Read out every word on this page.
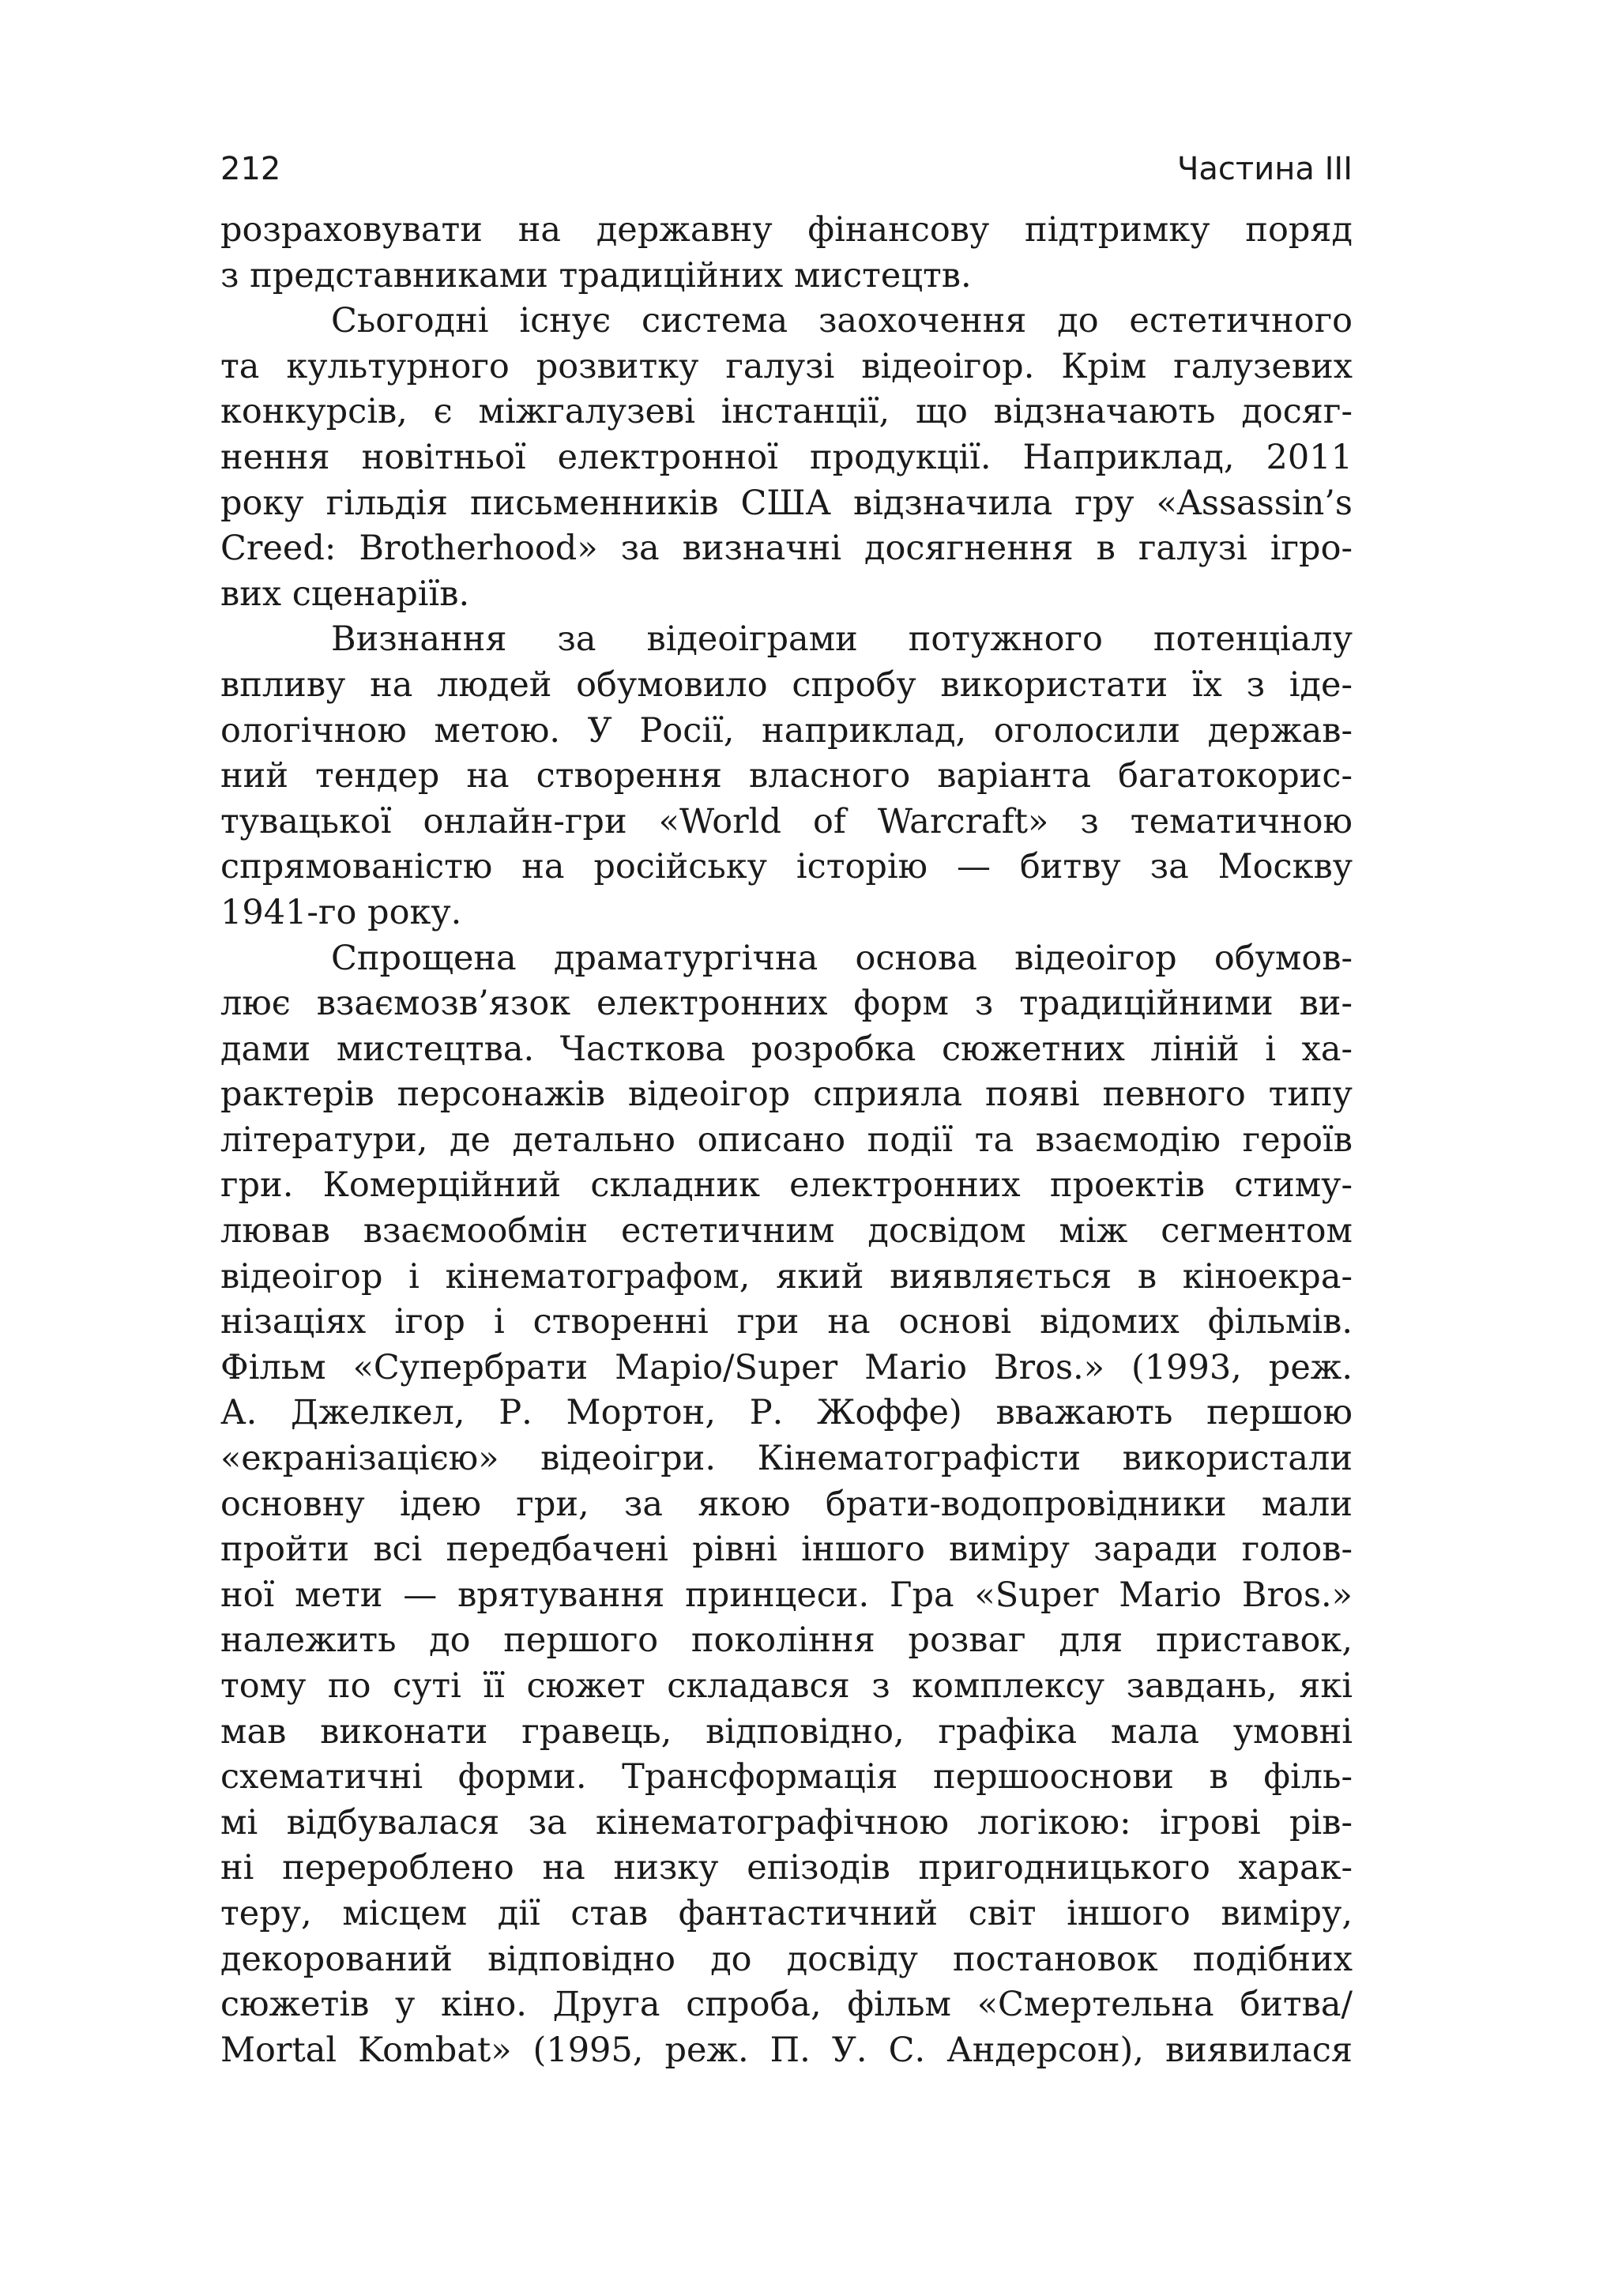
212	Частина III
розраховувати на державну фінансову підтримку поряд
з представниками традиційних мистецтв.
Сьогодні існує система заохочення до естетичного
та культурного розвитку галузі відеоігор. Крім галузевих
конкурсів, є міжгалузеві інстанції, що відзначають досяг-
нення новітньої електронної продукції. Наприклад, 2011
року гільдія письменників США відзначила гру «Assassin’s
Creed: Brotherhood» за визначні досягнення в галузі ігро-
вих сценаріїв.
Визнання за відеоіграми потужного потенціалу
впливу на людей обумовило спробу використати їх з іде-
ологічною метою. У Росії, наприклад, оголосили держав-
ний тендер на створення власного варіанта багатокорис-
тувацької онлайн-гри «World of Warcraft» з тематичною
спрямованістю на російську історію — битву за Москву
1941-го року.
Спрощена драматургічна основа відеоігор обумов-
лює взаємозв’язок електронних форм з традиційними ви-
дами мистецтва. Часткова розробка сюжетних ліній і ха-
рактерів персонажів відеоігор сприяла появі певного типу
літератури, де детально описано події та взаємодію героїв
гри. Комерційний складник електронних проектів стиму-
лював взаємообмін естетичним досвідом між сегментом
відеоігор і кінематографом, який виявляється в кіноекра-
нізаціях ігор і створенні гри на основі відомих фільмів.
Фільм «Супербрати Маріо/Super Mario Bros.» (1993, реж.
А. Джелкел, Р. Мортон, Р. Жоффе) вважають першою
«екранізацією» відеоігри. Кінематографісти використали
основну ідею гри, за якою брати-водопровідники мали
пройти всі передбачені рівні іншого виміру заради голов-
ної мети — врятування принцеси. Гра «Super Mario Bros.»
належить до першого покоління розваг для приставок,
тому по суті її сюжет складався з комплексу завдань, які
мав виконати гравець, відповідно, графіка мала умовні
схематичні форми. Трансформація першооснови в філь-
мі відбувалася за кінематографічною логікою: ігрові рів-
ні перероблено на низку епізодів пригодницького харак-
теру, місцем дії став фантастичний світ іншого виміру,
декорований відповідно до досвіду постановок подібних
сюжетів у кіно. Друга спроба, фільм «Смертельна битва/
Mortal Kombat» (1995, реж. П. У. С. Андерсон), виявилася
